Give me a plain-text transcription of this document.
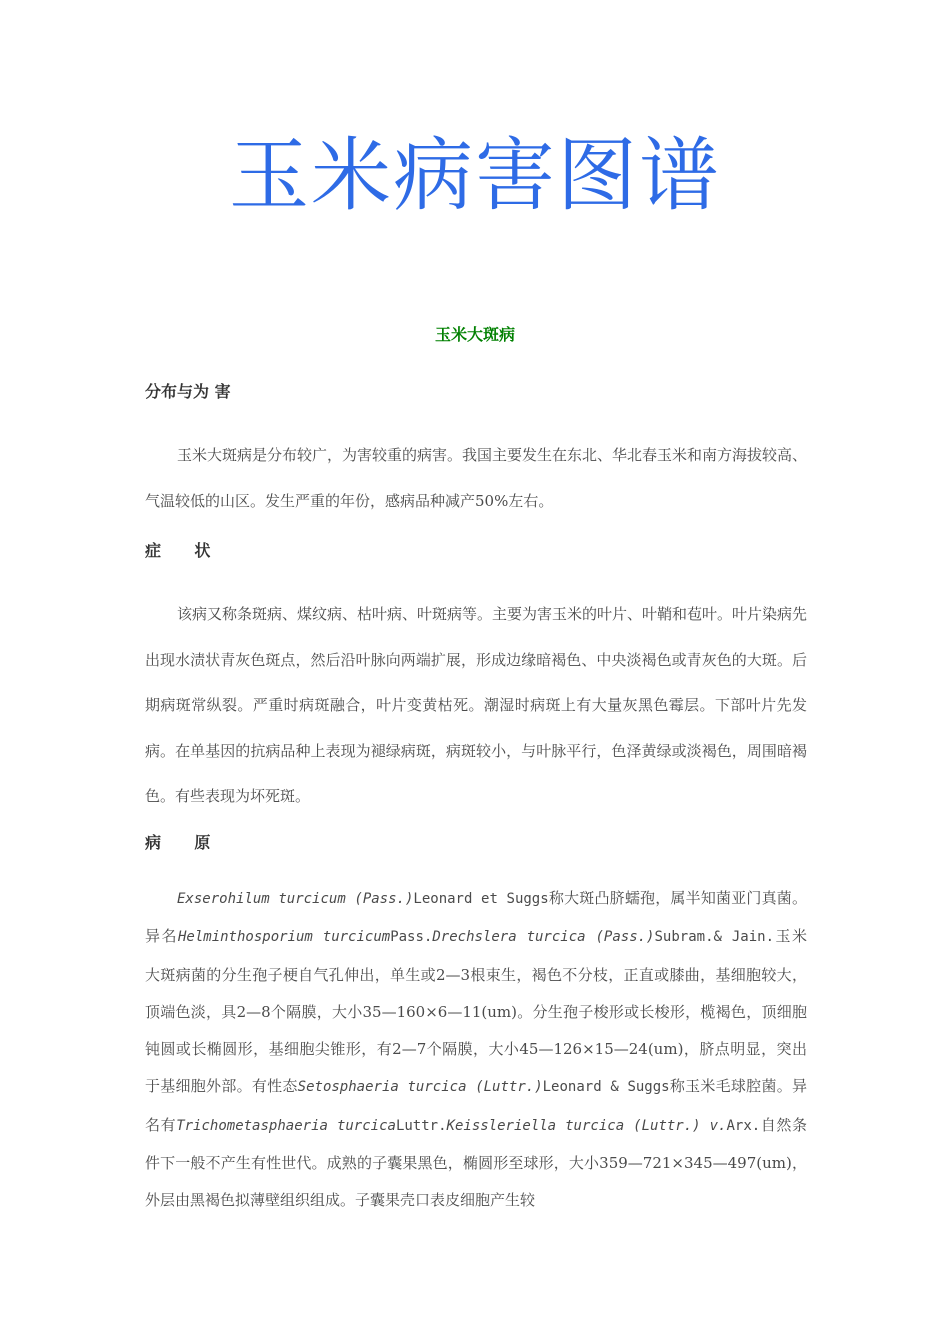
玉米病害图谱
玉米大斑病
分布与为 害

玉米大斑病是分布较广，为害较重的病害。我国主要发生在东北、华北春玉米和南方海拔较高、气温较低的山区。发生严重的年份，感病品种减产50%左右。

症      状

该病又称条斑病、煤纹病、枯叶病、叶斑病等。主要为害玉米的叶片、叶鞘和苞叶。叶片染病先出现水渍状青灰色斑点，然后沿叶脉向两端扩展，形成边缘暗褐色、中央淡褐色或青灰色的大斑。后期病斑常纵裂。严重时病斑融合，叶片变黄枯死。潮湿时病斑上有大量灰黑色霉层。下部叶片先发病。在单基因的抗病品种上表现为褪绿病斑，病斑较小，与叶脉平行，色泽黄绿或淡褐色，周围暗褐色。有些表现为坏死斑。

病      原

Exserohilum turcicum (Pass.)Leonard et Suggs称大斑凸脐蠕孢，属半知菌亚门真菌。异名Helminthosporium turcicumPass.Drechslera turcica (Pass.)Subram.& Jain.玉米大斑病菌的分生孢子梗自气孔伸出，单生或2—3根束生，褐色不分枝，正直或膝曲，基细胞较大，顶端色淡，具2—8个隔膜，大小35—160×6—11(um)。分生孢子梭形或长梭形，榄褐色，顶细胞钝圆或长椭圆形，基细胞尖锥形，有2—7个隔膜，大小45—126×15—24(um)，脐点明显，突出于基细胞外部。有性态Setosphaeria turcica (Luttr.)Leonard & Suggs称玉米毛球腔菌。异名有Trichometasphaeria turcicaLuttr.Keissleriella turcica (Luttr.) v.Arx.自然条件下一般不产生有性世代。成熟的子囊果黑色，椭圆形至球形，大小359—721×345—497(um)，外层由黑褐色拟薄壁组织组成。子囊果壳口表皮细胞产生较
